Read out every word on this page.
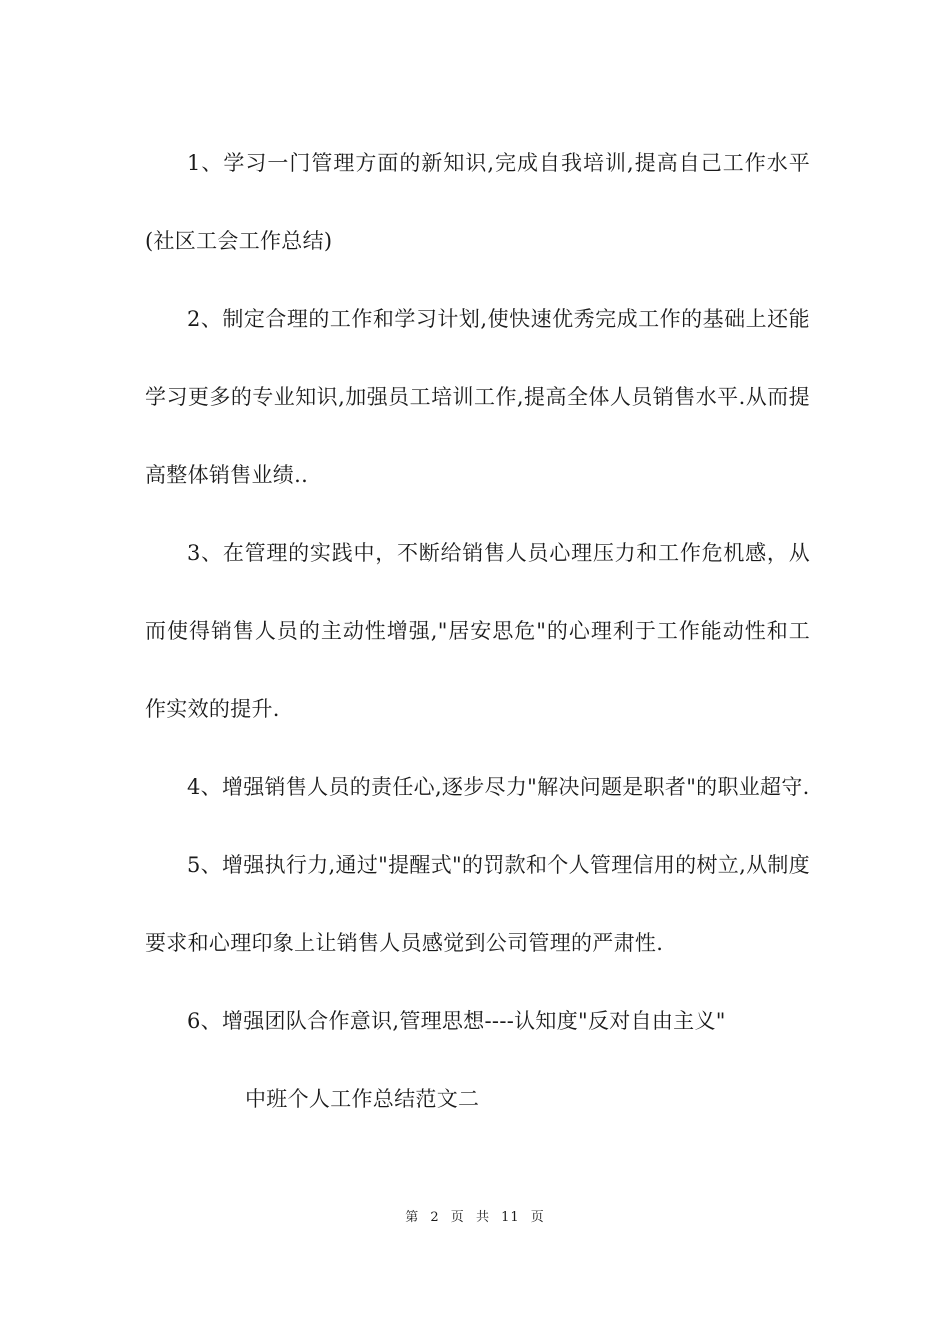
1、学习一门管理方面的新知识,完成自我培训,提高自己工作水平(社区工会工作总结)

2、制定合理的工作和学习计划,使快速优秀完成工作的基础上还能学习更多的专业知识,加强员工培训工作,提高全体人员销售水平.从而提高整体销售业绩..

3、在管理的实践中，不断给销售人员心理压力和工作危机感，从而使得销售人员的主动性增强,"居安思危"的心理利于工作能动性和工作实效的提升.

4、增强销售人员的责任心,逐步尽力"解决问题是职者"的职业超守.

5、增强执行力,通过"提醒式"的罚款和个人管理信用的树立,从制度要求和心理印象上让销售人员感觉到公司管理的严肃性.

6、增强团队合作意识,管理思想----认知度"反对自由主义"

中班个人工作总结范文二

第 2 页 共 11 页
